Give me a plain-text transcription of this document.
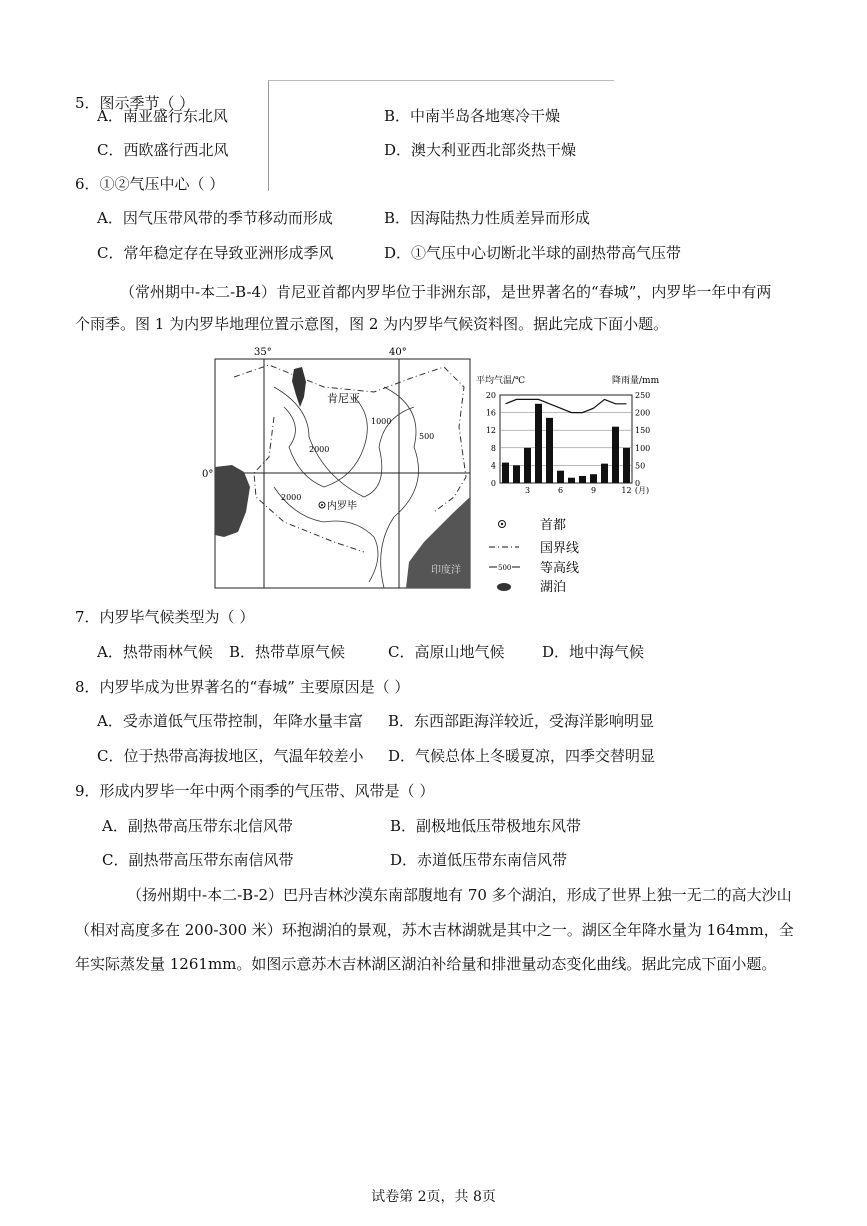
5．图示季节（ ）
A．南亚盛行东北风	B．中南半岛各地寒冷干燥
C．西欧盛行西北风	D．澳大利亚西北部炎热干燥
6．①②气压中心（ ）
A．因气压带风带的季节移动而形成	B．因海陆热力性质差异而形成
C．常年稳定存在导致亚洲形成季风	D．①气压中心切断北半球的副热带高气压带
（常州期中-本二-B-4）肯尼亚首都内罗毕位于非洲东部，是世界著名的“春城”，内罗毕一年中有两
个雨季。图 1 为内罗毕地理位置示意图，图 2 为内罗毕气候资料图。据此完成下面小题。
35°	40°
0°
肯尼亚
1000
500
2000
2000
内罗毕
印度洋
平均气温/℃	降雨量/mm
20	250
16	200
12	150
8	100
4	50
0	0
3	6	9	12 (月)
首都
国界线
500 等高线
湖泊
7．内罗毕气候类型为（ ）
A．热带雨林气候 B．热带草原气候	C．高原山地气候	D．地中海气候
8．内罗毕成为世界著名的“春城” 主要原因是（ ）
A．受赤道低气压带控制，年降水量丰富 B．东西部距海洋较近，受海洋影响明显
C．位于热带高海拔地区，气温年较差小 D．气候总体上冬暖夏凉，四季交替明显
9．形成内罗毕一年中两个雨季的气压带、风带是（ ）
A．副热带高压带东北信风带	B．副极地低压带极地东风带
C．副热带高压带东南信风带	D．赤道低压带东南信风带
（扬州期中-本二-B-2）巴丹吉林沙漠东南部腹地有 70 多个湖泊，形成了世界上独一无二的高大沙山
（相对高度多在 200-300 米）环抱湖泊的景观，苏木吉林湖就是其中之一。湖区全年降水量为 164mm，全
年实际蒸发量 1261mm。如图示意苏木吉林湖区湖泊补给量和排泄量动态变化曲线。据此完成下面小题。
试卷第 2页，共 8页
